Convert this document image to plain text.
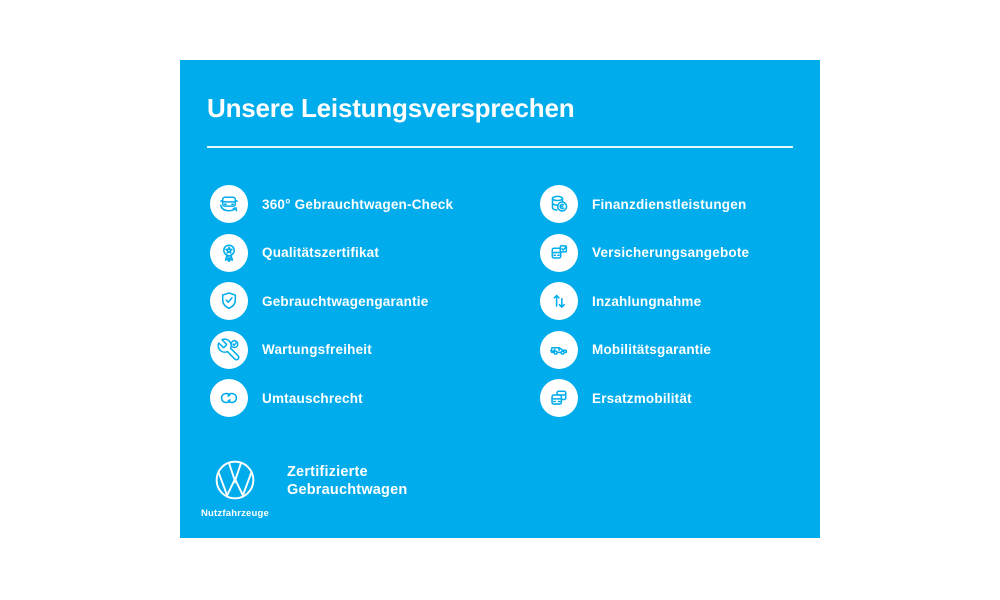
Unsere Leistungsversprechen
360° Gebrauchtwagen-Check
Qualitätszertifikat
Gebrauchtwagengarantie
Wartungsfreiheit
Umtauschrecht
Finanzdienstleistungen
Versicherungsangebote
Inzahlungnahme
Mobilitätsgarantie
Ersatzmobilität
Nutzfahrzeuge
Zertifizierte
Gebrauchtwagen
